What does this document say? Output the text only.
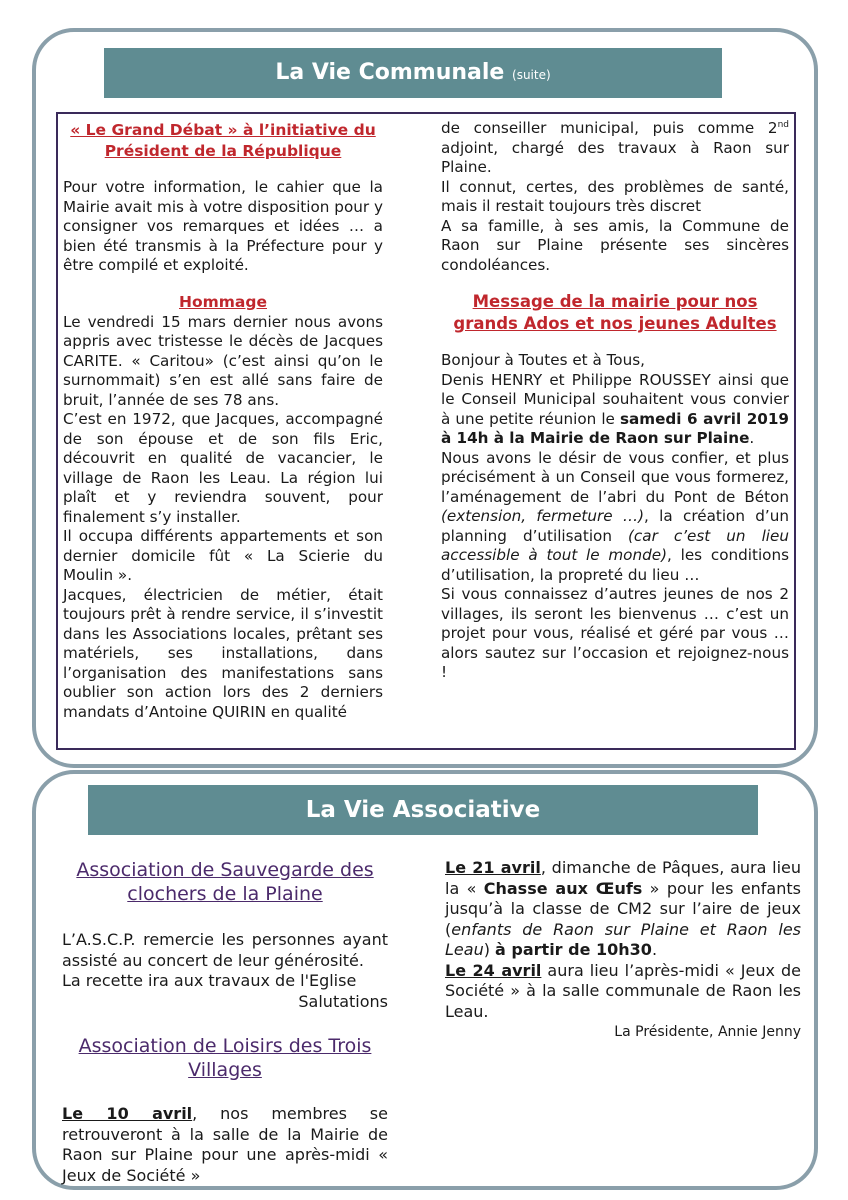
La Vie Communale (suite)

« Le Grand Débat » à l’initiative du Président de la République

Pour votre information, le cahier que la Mairie avait mis à votre disposition pour y consigner vos remarques et idées … a bien été transmis à la Préfecture pour y être compilé et exploité.

Hommage

Le vendredi 15 mars dernier nous avons appris avec tristesse le décès de Jacques CARITE. « Caritou» (c’est ainsi qu’on le surnommait) s’en est allé sans faire de bruit, l’année de ses 78 ans.

C’est en 1972, que Jacques, accompagné de son épouse et de son fils Eric, découvrit en qualité de vacancier, le village de Raon les Leau. La région lui plaît et y reviendra souvent, pour finalement s’y installer.

Il occupa différents appartements et son dernier domicile fût « La Scierie du Moulin ».

Jacques, électricien de métier, était toujours prêt à rendre service, il s’investit dans les Associations locales, prêtant ses matériels, ses installations, dans l’organisation des manifestations sans oublier son action lors des 2 derniers mandats d’Antoine QUIRIN en qualité

de conseiller municipal, puis comme 2nd adjoint, chargé des travaux à Raon sur Plaine.

Il connut, certes, des problèmes de santé, mais il restait toujours très discret

A sa famille, à ses amis, la Commune de Raon sur Plaine présente ses sincères condoléances.

Message de la mairie pour nos grands Ados et nos jeunes Adultes

Bonjour à Toutes et à Tous,

Denis HENRY et Philippe ROUSSEY ainsi que le Conseil Municipal souhaitent vous convier à une petite réunion le samedi 6 avril 2019 à 14h à la Mairie de Raon sur Plaine.

Nous avons le désir de vous confier, et plus précisément à un Conseil que vous formerez, l’aménagement de l’abri du Pont de Béton (extension, fermeture …), la création d’un planning d’utilisation (car c’est un lieu accessible à tout le monde), les conditions d’utilisation, la propreté du lieu …

Si vous connaissez d’autres jeunes de nos 2 villages, ils seront les bienvenus … c’est un projet pour vous, réalisé et géré par vous … alors sautez sur l’occasion et rejoignez-nous !

La Vie Associative

Association de Sauvegarde des clochers de la Plaine

L’A.S.C.P. remercie les personnes ayant assisté au concert de leur générosité.

La recette ira aux travaux de l'Eglise

Salutations

Association de Loisirs des Trois Villages

Le 10 avril, nos membres se retrouveront à la salle de la Mairie de Raon sur Plaine pour une après-midi « Jeux de Société »

Le 21 avril, dimanche de Pâques, aura lieu la « Chasse aux Œufs » pour les enfants jusqu’à la classe de CM2 sur l’aire de jeux (enfants de Raon sur Plaine et Raon les Leau) à partir de 10h30.

Le 24 avril aura lieu l’après-midi « Jeux de Société » à la salle communale de Raon les Leau.

La Présidente, Annie Jenny
